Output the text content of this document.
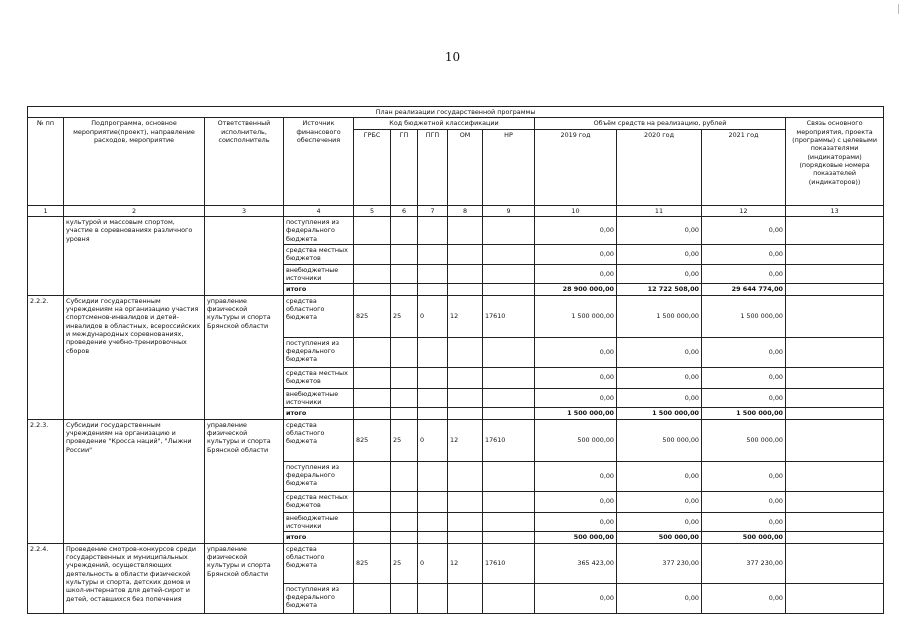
10
План реализации государственной программы												
№ пп	Подпрограмма, основное мероприятие(проект), направление расходов, мероприятие	Ответственный исполнитель, соисполнитель	Источник финансового обеспечения	Код бюджетной классификации					Объём средств на реализацию, рублей			Связь основного мероприятия, проекта (программы) с целевыми показателями (индикаторами) (порядковые номера показателей (индикаторов))
				ГРБС	ГП	ПГП	ОМ	НР	2019 год	2020 год	2021 год	
1	2	3	4	5	6	7	8	9	10	11	12	13
	культурой и массовым спортом, участие в соревнованиях различного уровня		поступления из федерального бюджета						0,00	0,00	0,00	
			средства местных бюджетов						0,00	0,00	0,00	
			внебюджетные источники						0,00	0,00	0,00	
			итого						28 900 000,00	12 722 508,00	29 644 774,00	
2.2.2.	Субсидии государственным учреждениям на организацию участия спортсменов-инвалидов и детей-инвалидов в областных, всероссийских и международных соревнованиях, проведение учебно-тренировочных сборов	управление физической культуры и спорта Брянской области	средства областного бюджета	825	25	0	12	17610	1 500 000,00	1 500 000,00	1 500 000,00	
			поступления из федерального бюджета						0,00	0,00	0,00	
			средства местных бюджетов						0,00	0,00	0,00	
			внебюджетные источники						0,00	0,00	0,00	
			итого						1 500 000,00	1 500 000,00	1 500 000,00	
2.2.3.	Субсидии государственным учреждениям на организацию и проведение "Кросса наций", "Лыжни России"	управление физической культуры и спорта Брянской области	средства областного бюджета	825	25	0	12	17610	500 000,00	500 000,00	500 000,00	
			поступления из федерального бюджета						0,00	0,00	0,00	
			средства местных бюджетов						0,00	0,00	0,00	
			внебюджетные источники						0,00	0,00	0,00	
			итого						500 000,00	500 000,00	500 000,00	
2.2.4.	Проведение смотров-конкурсов среди государственных и муниципальных учреждений, осуществляющих деятельность в области физической культуры и спорта, детских домов и школ-интернатов для детей-сирот и детей, оставшихся без попечения	управление физической культуры и спорта Брянской области	средства областного бюджета	825	25	0	12	17610	365 423,00	377 230,00	377 230,00	
			поступления из федерального бюджета						0,00	0,00	0,00	
